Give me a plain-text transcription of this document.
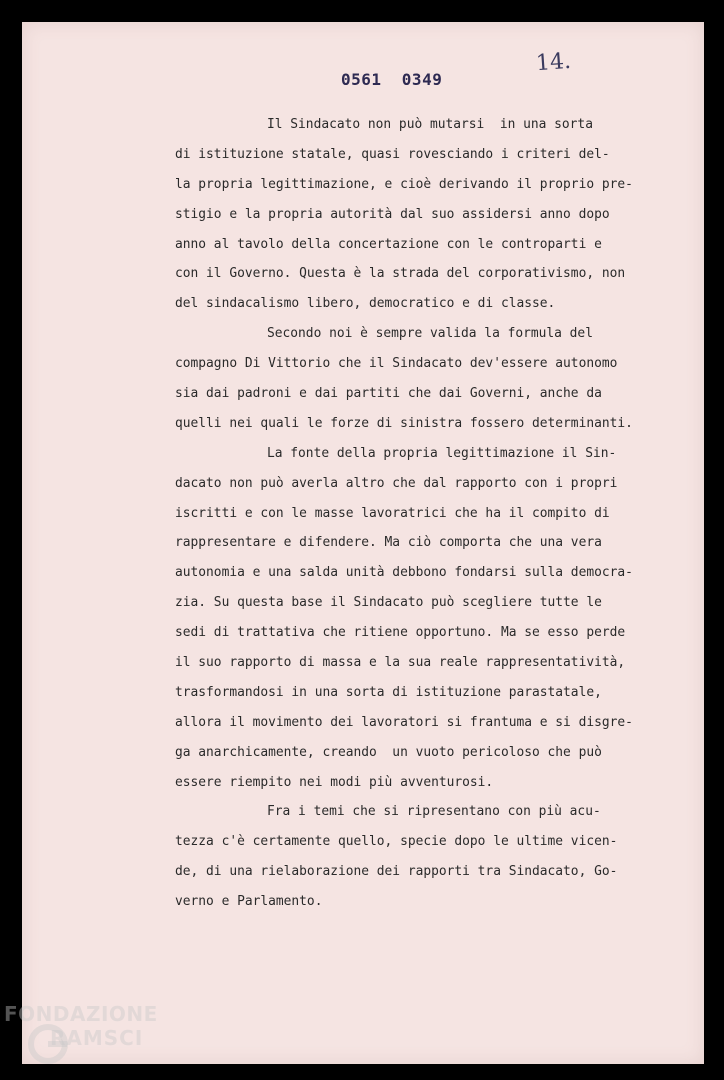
0561  0349
14.
Il Sindacato non può mutarsi  in una sorta
di istituzione statale, quasi rovesciando i criteri del-
la propria legittimazione, e cioè derivando il proprio pre-
stigio e la propria autorità dal suo assidersi anno dopo
anno al tavolo della concertazione con le controparti e
con il Governo. Questa è la strada del corporativismo, non
del sindacalismo libero, democratico e di classe.
Secondo noi è sempre valida la formula del
compagno Di Vittorio che il Sindacato dev'essere autonomo
sia dai padroni e dai partiti che dai Governi, anche da
quelli nei quali le forze di sinistra fossero determinanti.
La fonte della propria legittimazione il Sin-
dacato non può averla altro che dal rapporto con i propri
iscritti e con le masse lavoratrici che ha il compito di
rappresentare e difendere. Ma ciò comporta che una vera
autonomia e una salda unità debbono fondarsi sulla democra-
zia. Su questa base il Sindacato può scegliere tutte le
sedi di trattativa che ritiene opportuno. Ma se esso perde
il suo rapporto di massa e la sua reale rappresentatività,
trasformandosi in una sorta di istituzione parastatale,
allora il movimento dei lavoratori si frantuma e si disgre-
ga anarchicamente, creando  un vuoto pericoloso che può
essere riempito nei modi più avventurosi.
Fra i temi che si ripresentano con più acu-
tezza c'è certamente quello, specie dopo le ultime vicen-
de, di una rielaborazione dei rapporti tra Sindacato, Go-
verno e Parlamento.
FONDAZIONE
RAMSCI
